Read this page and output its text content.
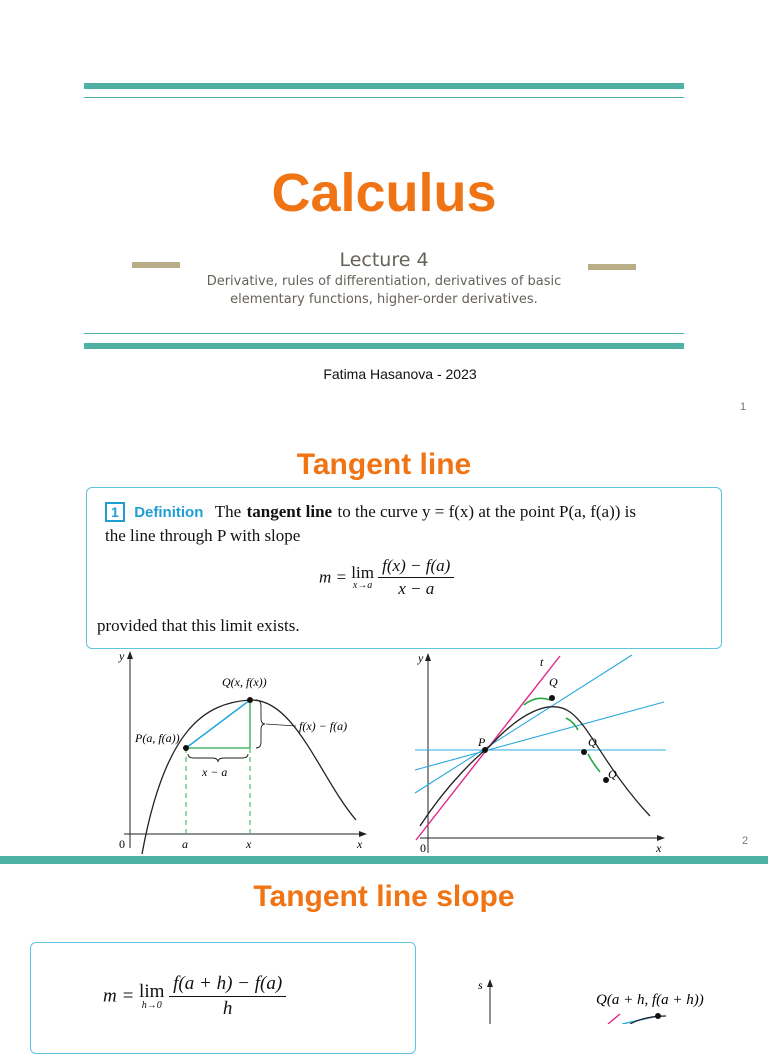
Calculus
Lecture 4
Derivative, rules of differentiation, derivatives of basic
elementary functions, higher-order derivatives.
Fatima Hasanova - 2023
1
Tangent line
1 Definition The tangent line to the curve y = f(x) at the point P(a, f(a)) is
the line through P with slope
m = lim
x→a
$\frac{f(x) - f(a)}{x - a}$
provided that this limit exists.
y
x
0
Q(x, f(x))
P(a, f(a))
f(x) − f(a)
x − a
a	x
y
x
0
t
P
Q
Q
Q
2
Tangent line slope
m = lim
h→0
$\frac{f(a + h) - f(a)}{h}$	s
Q(a + h, f(a + h))
